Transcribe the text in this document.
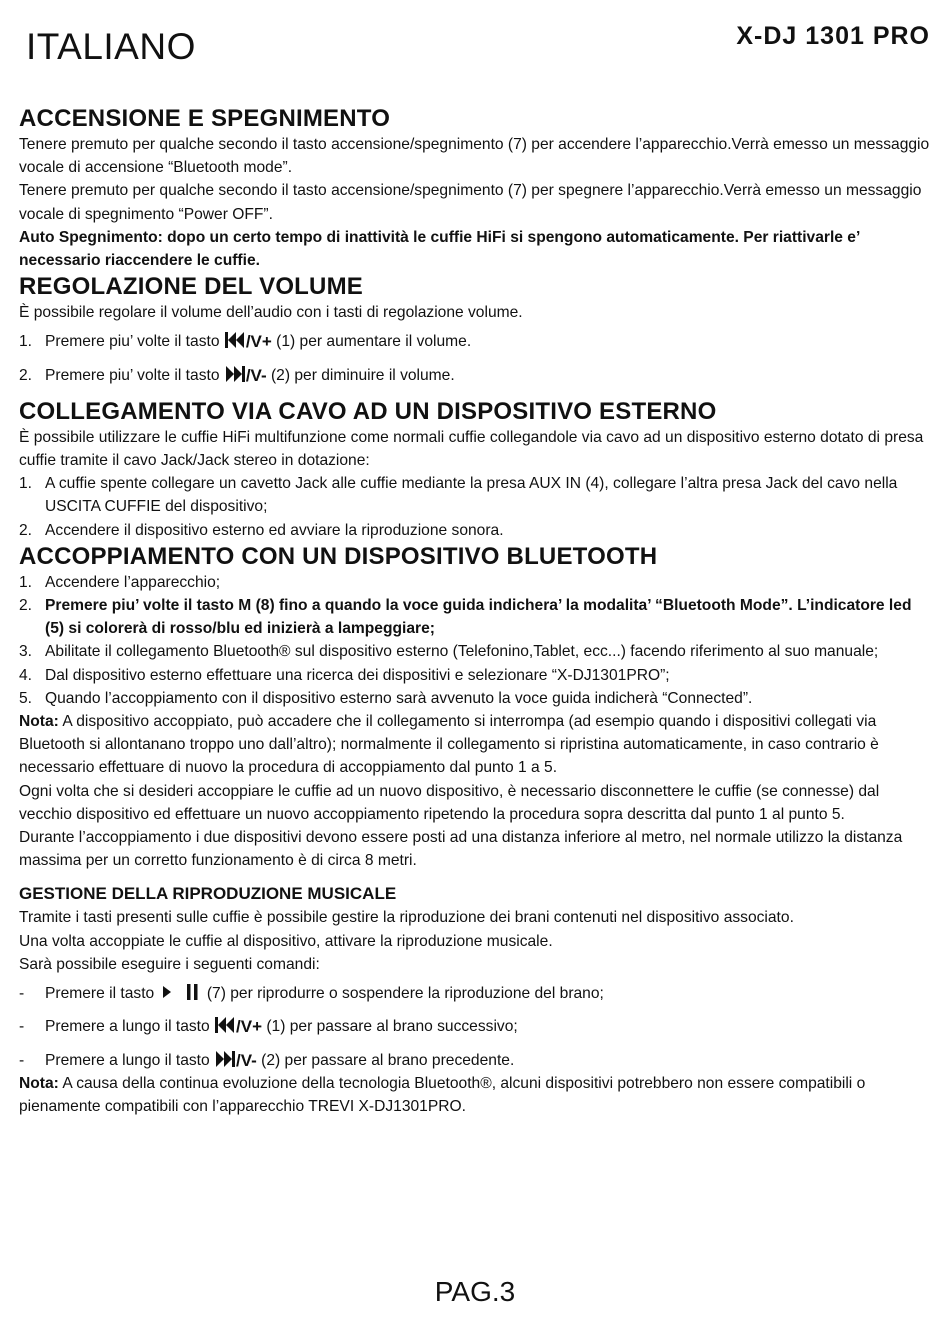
ITALIANO	X-DJ 1301 PRO
ACCENSIONE E SPEGNIMENTO

Tenere premuto per qualche secondo il tasto accensione/spegnimento (7) per accendere l’apparecchio.Verrà emesso un messaggio vocale di accensione “Bluetooth mode”.

Tenere premuto per qualche secondo il tasto accensione/spegnimento (7) per spegnere l’apparecchio.Verrà emesso un messaggio vocale di spegnimento “Power OFF”.

Auto Spegnimento: dopo un certo tempo di inattività le cuffie HiFi si spengono automaticamente. Per riattivarle e’ necessario riaccendere le cuffie.

REGOLAZIONE DEL VOLUME

È possibile regolare il volume dell’audio con i tasti di regolazione volume.

1. Premere piu’ volte il tasto /V+ (1) per aumentare il volume.
2. Premere piu’ volte il tasto /V- (2) per diminuire il volume.
COLLEGAMENTO VIA CAVO AD UN DISPOSITIVO ESTERNO

È possibile utilizzare le cuffie HiFi multifunzione come normali cuffie collegandole via cavo ad un dispositivo esterno dotato di presa cuffie tramite il cavo Jack/Jack stereo in dotazione:

1. A cuffie spente collegare un cavetto Jack alle cuffie mediante la presa AUX IN (4), collegare l’altra presa Jack del cavo nella USCITA CUFFIE del dispositivo;
2. Accendere il dispositivo esterno ed avviare la riproduzione sonora.
ACCOPPIAMENTO CON UN DISPOSITIVO BLUETOOTH
1. Accendere l’apparecchio;
2. Premere piu’ volte il tasto M (8) fino a quando la voce guida indichera’ la modalita’ “Bluetooth Mode”. L’indicatore led (5) si colorerà di rosso/blu ed inizierà a lampeggiare;
3. Abilitate il collegamento Bluetooth® sul dispositivo esterno (Telefonino,Tablet, ecc...) facendo riferimento al suo manuale;
4. Dal dispositivo esterno effettuare una ricerca dei dispositivi e selezionare “X-DJ1301PRO”;
5. Quando l’accoppiamento con il dispositivo esterno sarà avvenuto la voce guida indicherà “Connected”.

Nota: A dispositivo accoppiato, può accadere che il collegamento si interrompa (ad esempio quando i dispositivi collegati via Bluetooth si allontanano troppo uno dall’altro); normalmente il collegamento si ripristina automaticamente, in caso contrario è necessario effettuare di nuovo la procedura di accoppiamento dal punto 1 a 5.

Ogni volta che si desideri accoppiare le cuffie ad un nuovo dispositivo, è necessario disconnettere le cuffie (se connesse) dal vecchio dispositivo ed effettuare un nuovo accoppiamento ripetendo la procedura sopra descritta dal punto 1 al punto 5.

Durante l’accoppiamento i due dispositivi devono essere posti ad una distanza inferiore al metro, nel normale utilizzo la distanza massima per un corretto funzionamento è di circa 8 metri.

GESTIONE DELLA RIPRODUZIONE MUSICALE

Tramite i tasti presenti sulle cuffie è possibile gestire la riproduzione dei brani contenuti nel dispositivo associato.

Una volta accoppiate le cuffie al dispositivo, attivare la riproduzione musicale.

Sarà possibile eseguire i seguenti comandi:

- Premere il tasto	(7) per riprodurre o sospendere la riproduzione del brano;
- Premere a lungo il tasto /V+ (1) per passare al brano successivo;
- Premere a lungo il tasto /V- (2) per passare al brano precedente.

Nota: A causa della continua evoluzione della tecnologia Bluetooth®, alcuni dispositivi potrebbero non essere compatibili o pienamente compatibili con l’apparecchio TREVI X-DJ1301PRO.

PAG.3
